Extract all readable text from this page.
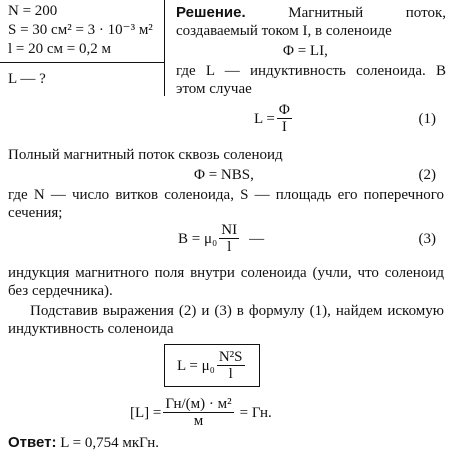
N = 200
S = 30 см² = 3 · 10⁻³ м²
l = 20 см = 0,2 м
L — ?
Решение.	Магнитный поток, создаваемый током I, в соленоиде
Φ = LI,
где L — индуктивность соленоида. В этом случае
$L = \frac{\Phi}{I}$	(1)
Полный магнитный поток сквозь соленоид
Φ = NBS,	(2)
где N — число витков соленоида, S — площадь его поперечного сечения;
$B = \mu_0 \frac{NI}{l}$ —	(3)
индукция магнитного поля внутри соленоида (учли, что соленоид без сердечника).
Подставив выражения (2) и (3) в формулу (1), найдем искомую индуктивность соленоида
$L = \mu_0 \frac{\text{N²S}}{l}$
$[L] = \frac{\text{Гн/(м) · м²}}{м}$ = Гн.
Ответ: L = 0,754 мкГн.
